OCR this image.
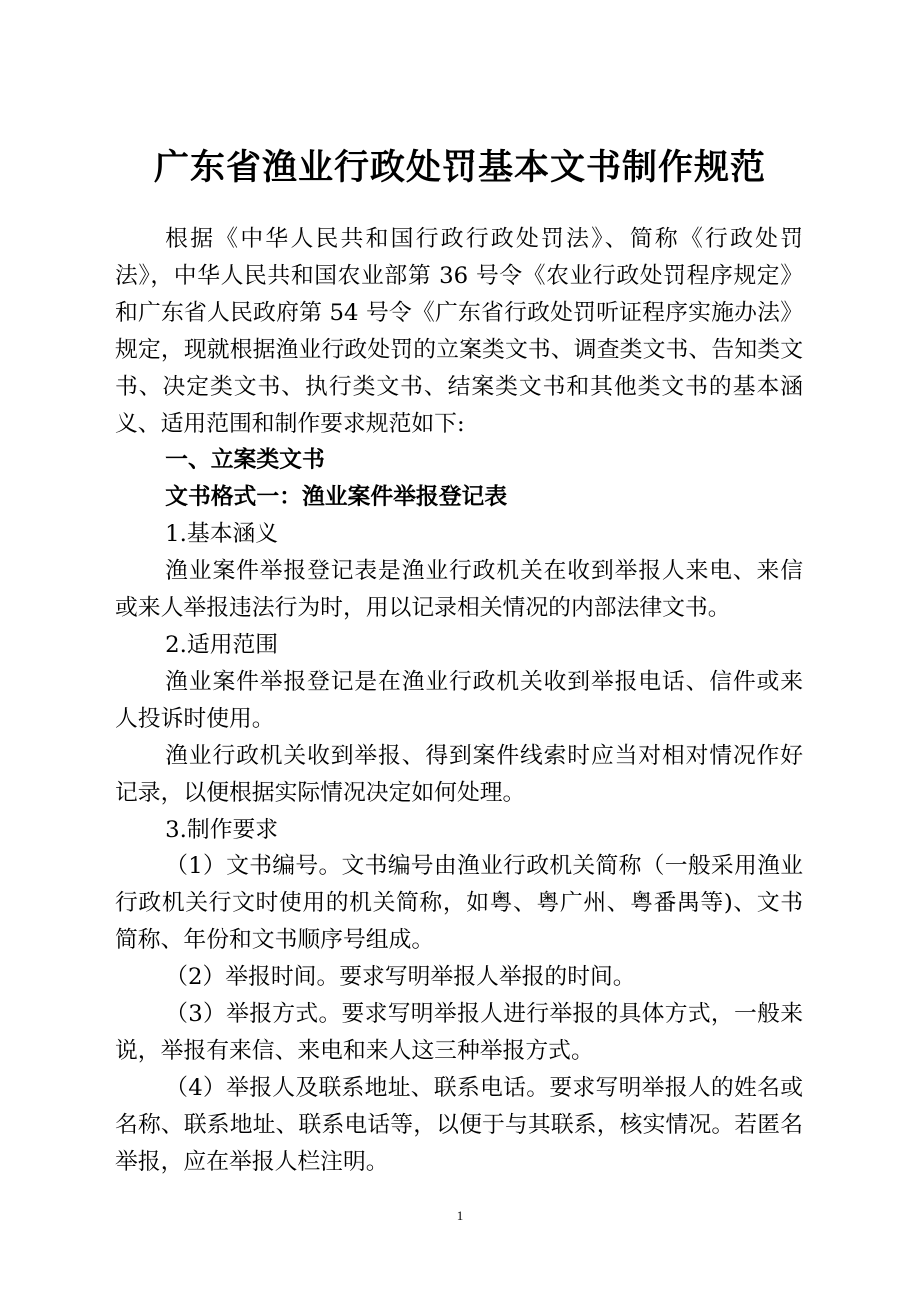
广东省渔业行政处罚基本文书制作规范

根据《中华人民共和国行政行政处罚法》、简称《行政处罚法》，中华人民共和国农业部第 36 号令《农业行政处罚程序规定》和广东省人民政府第 54 号令《广东省行政处罚听证程序实施办法》规定，现就根据渔业行政处罚的立案类文书、调查类文书、告知类文书、决定类文书、执行类文书、结案类文书和其他类文书的基本涵义、适用范围和制作要求规范如下:

一、立案类文书

文书格式一：渔业案件举报登记表

1.基本涵义

渔业案件举报登记表是渔业行政机关在收到举报人来电、来信或来人举报违法行为时，用以记录相关情况的内部法律文书。

2.适用范围

渔业案件举报登记是在渔业行政机关收到举报电话、信件或来人投诉时使用。

渔业行政机关收到举报、得到案件线索时应当对相对情况作好记录，以便根据实际情况决定如何处理。

3.制作要求

（1）文书编号。文书编号由渔业行政机关简称（一般采用渔业行政机关行文时使用的机关简称，如粤、粤广州、粤番禺等)、文书简称、年份和文书顺序号组成。

（2）举报时间。要求写明举报人举报的时间。

（3）举报方式。要求写明举报人进行举报的具体方式，一般来说，举报有来信、来电和来人这三种举报方式。

（4）举报人及联系地址、联系电话。要求写明举报人的姓名或名称、联系地址、联系电话等，以便于与其联系，核实情况。若匿名举报，应在举报人栏注明。

1
